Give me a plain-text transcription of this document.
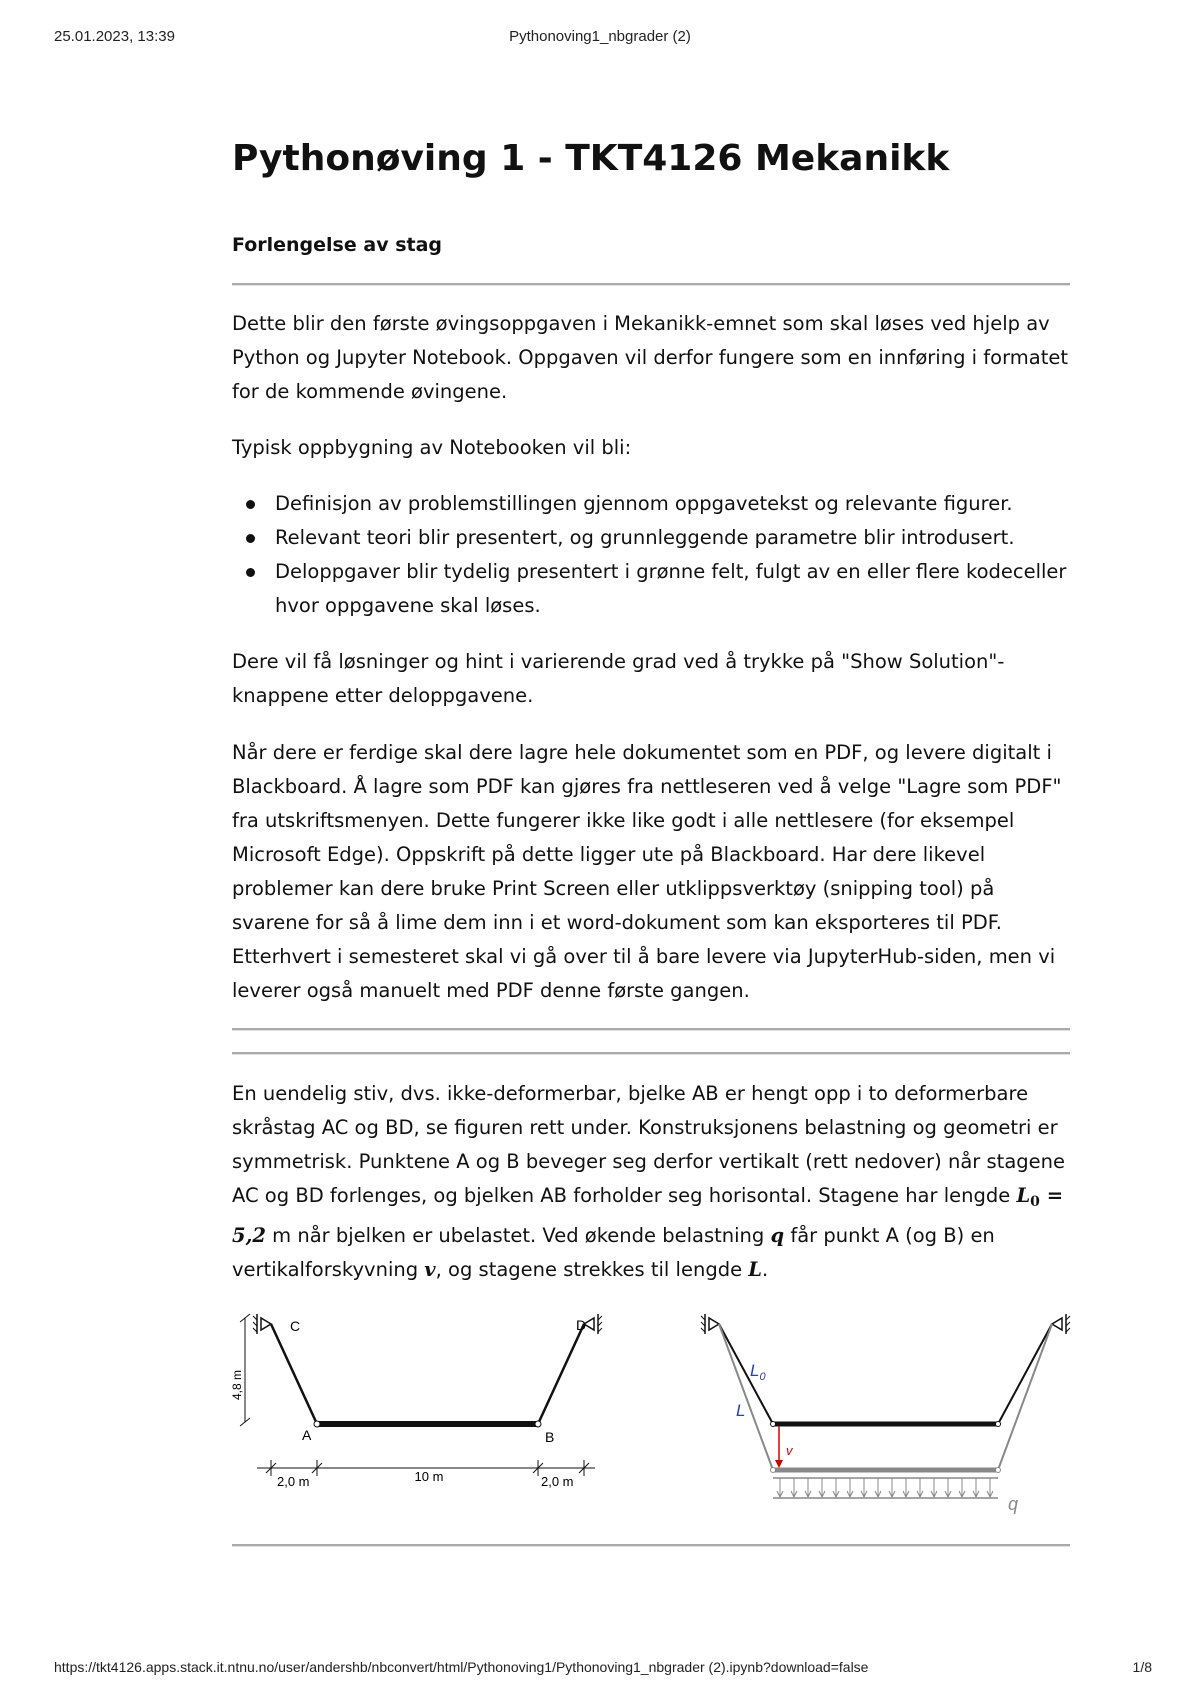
25.01.2023, 13:39	Pythonoving1_nbgrader (2)
Pythonøving 1 - TKT4126 Mekanikk

Forlengelse av stag

Dette blir den første øvingsoppgaven i Mekanikk-emnet som skal løses ved hjelp av Python og Jupyter Notebook. Oppgaven vil derfor fungere som en innføring i formatet for de kommende øvingene.

Typisk oppbygning av Notebooken vil bli:

Definisjon av problemstillingen gjennom oppgavetekst og relevante figurer.
Relevant teori blir presentert, og grunnleggende parametre blir introdusert.
Deloppgaver blir tydelig presentert i grønne felt, fulgt av en eller flere kodeceller hvor oppgavene skal løses.

Dere vil få løsninger og hint i varierende grad ved å trykke på "Show Solution"-knappene etter deloppgavene.

Når dere er ferdige skal dere lagre hele dokumentet som en PDF, og levere digitalt i Blackboard. Å lagre som PDF kan gjøres fra nettleseren ved å velge "Lagre som PDF" fra utskriftsmenyen. Dette fungerer ikke like godt i alle nettlesere (for eksempel Microsoft Edge). Oppskrift på dette ligger ute på Blackboard. Har dere likevel problemer kan dere bruke Print Screen eller utklippsverktøy (snipping tool) på svarene for så å lime dem inn i et word-dokument som kan eksporteres til PDF. Etterhvert i semesteret skal vi gå over til å bare levere via JupyterHub-siden, men vi leverer også manuelt med PDF denne første gangen.

En uendelig stiv, dvs. ikke-deformerbar, bjelke AB er hengt opp i to deformerbare skråstag AC og BD, se figuren rett under. Konstruksjonens belastning og geometri er symmetrisk. Punktene A og B beveger seg derfor vertikalt (rett nedover) når stagene AC og BD forlenges, og bjelken AB forholder seg horisontal. Stagene har lengde $L_0 = 5,2$ m når bjelken er ubelastet. Ved økende belastning q får punkt A (og B) en vertikalforskyvning v, og stagene strekkes til lengde L.

C	D
A	B
4,8 m
2,0 m	10 m	2,0 m
v
$L_0$
L
q
https://tkt4126.apps.stack.it.ntnu.no/user/andershb/nbconvert/html/Pythonoving1/Pythonoving1_nbgrader (2).ipynb?download=false	1/8
